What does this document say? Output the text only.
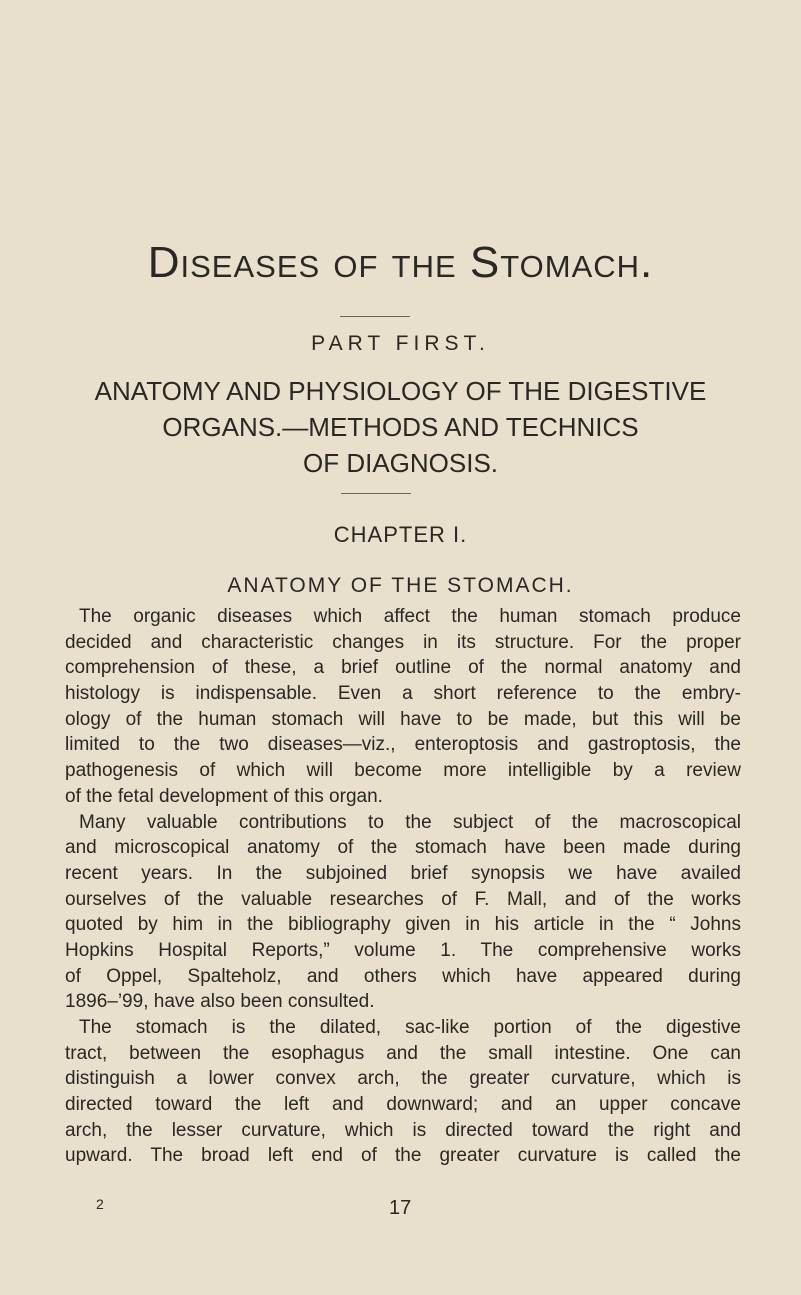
Diseases of the Stomach.
PART FIRST.
ANATOMY AND PHYSIOLOGY OF THE DIGESTIVE
ORGANS.—METHODS AND TECHNICS
OF DIAGNOSIS.
CHAPTER I.
ANATOMY OF THE STOMACH.
The organic diseases which affect the human stomach produce
decided and characteristic changes in its structure. For the proper
comprehension of these, a brief outline of the normal anatomy and
histology is indispensable. Even a short reference to the embry-
ology of the human stomach will have to be made, but this will be
limited to the two diseases—viz., enteroptosis and gastroptosis, the
pathogenesis of which will become more intelligible by a review
of the fetal development of this organ.
Many valuable contributions to the subject of the macroscopical
and microscopical anatomy of the stomach have been made during
recent years. In the subjoined brief synopsis we have availed
ourselves of the valuable researches of F. Mall, and of the works
quoted by him in the bibliography given in his article in the “ Johns
Hopkins Hospital Reports,” volume 1. The comprehensive works
of Oppel, Spalteholz, and others which have appeared during
1896–’99, have also been consulted.
The stomach is the dilated, sac-like portion of the digestive
tract, between the esophagus and the small intestine. One can
distinguish a lower convex arch, the greater curvature, which is
directed toward the left and downward; and an upper concave
arch, the lesser curvature, which is directed toward the right and
upward. The broad left end of the greater curvature is called the
2	17
